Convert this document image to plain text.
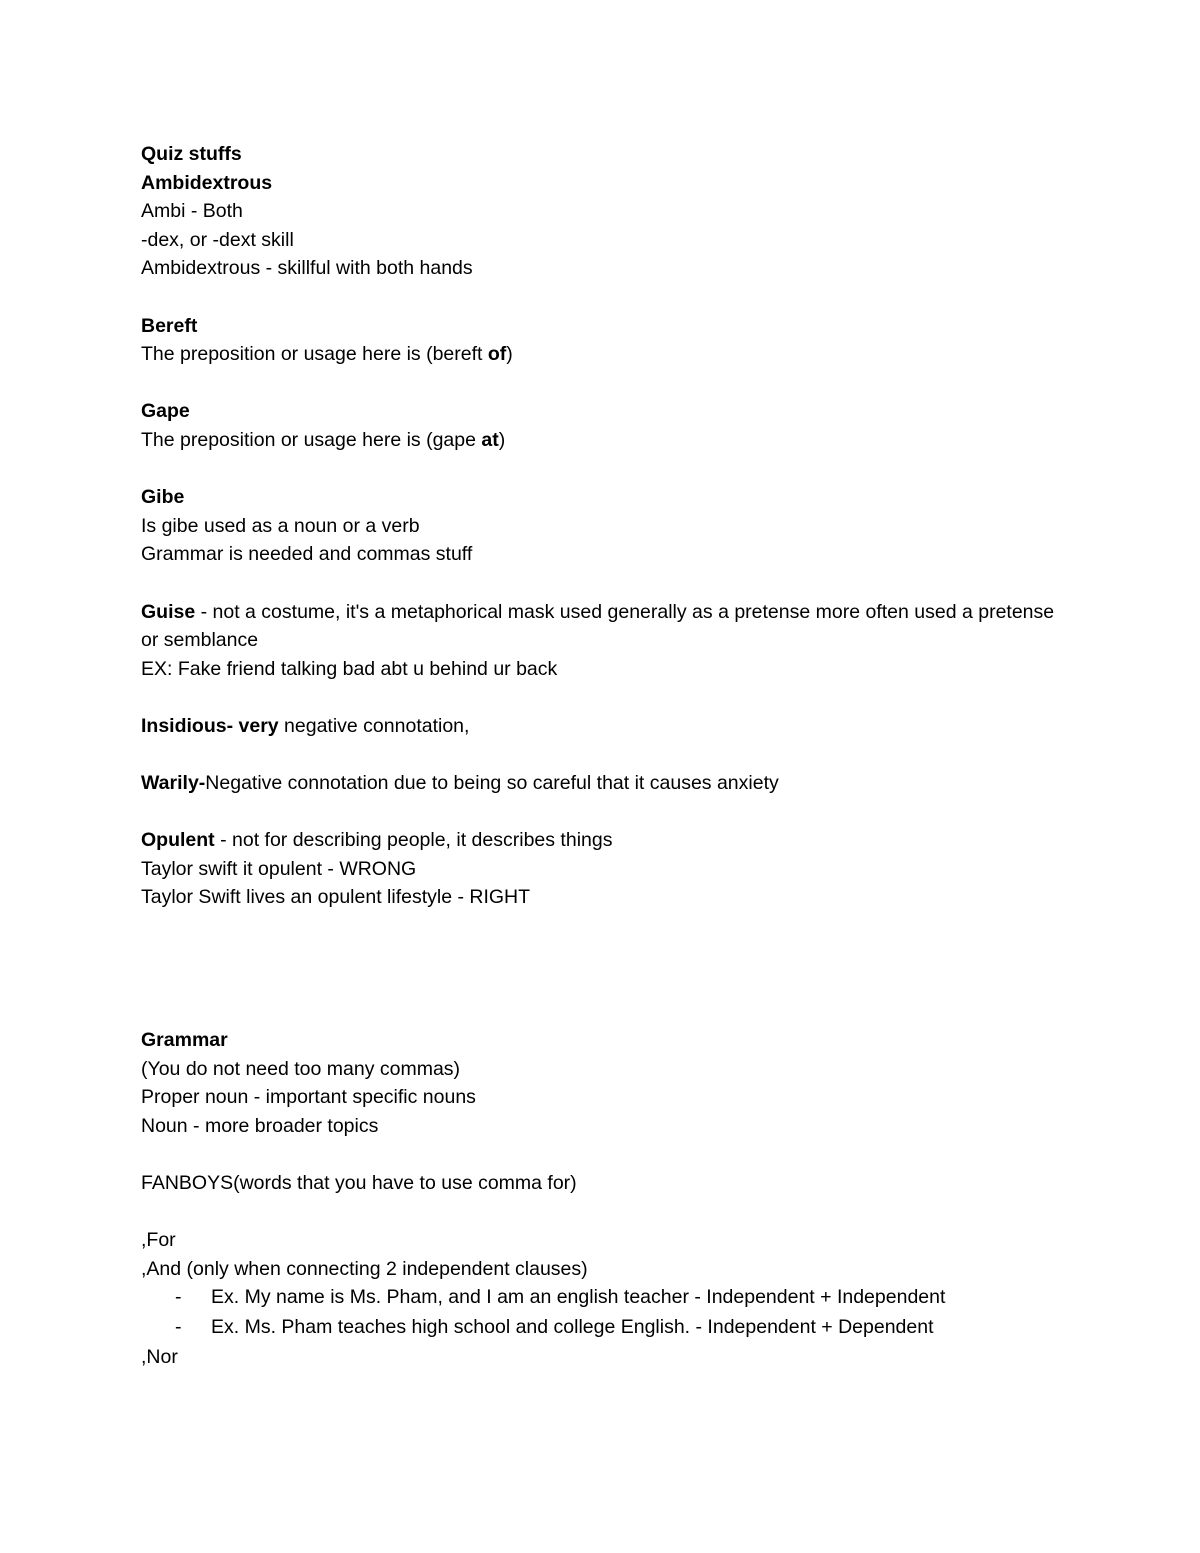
Quiz stuffs
Ambidextrous
Ambi - Both
-dex, or -dext skill
Ambidextrous - skillful with both hands
Bereft
The preposition or usage here is (bereft of)
Gape
The preposition or usage here is (gape at)
Gibe
Is gibe used as a noun or a verb
Grammar is needed and commas stuff
Guise - not a costume, it's a metaphorical mask used generally as a pretense more often used a pretense or semblance
EX: Fake friend talking bad abt u behind ur back
Insidious- very negative connotation,
Warily-Negative connotation due to being so careful that it causes anxiety
Opulent - not for describing people, it describes things
Taylor swift it opulent - WRONG
Taylor Swift lives an opulent lifestyle - RIGHT
Grammar
(You do not need too many commas)
Proper noun - important specific nouns
Noun - more broader topics
FANBOYS(words that you have to use comma for)
,For
,And (only when connecting 2 independent clauses)
-	Ex. My name is Ms. Pham, and I am an english teacher - Independent + Independent
-	Ex. Ms. Pham teaches high school and college English. - Independent + Dependent
,Nor
